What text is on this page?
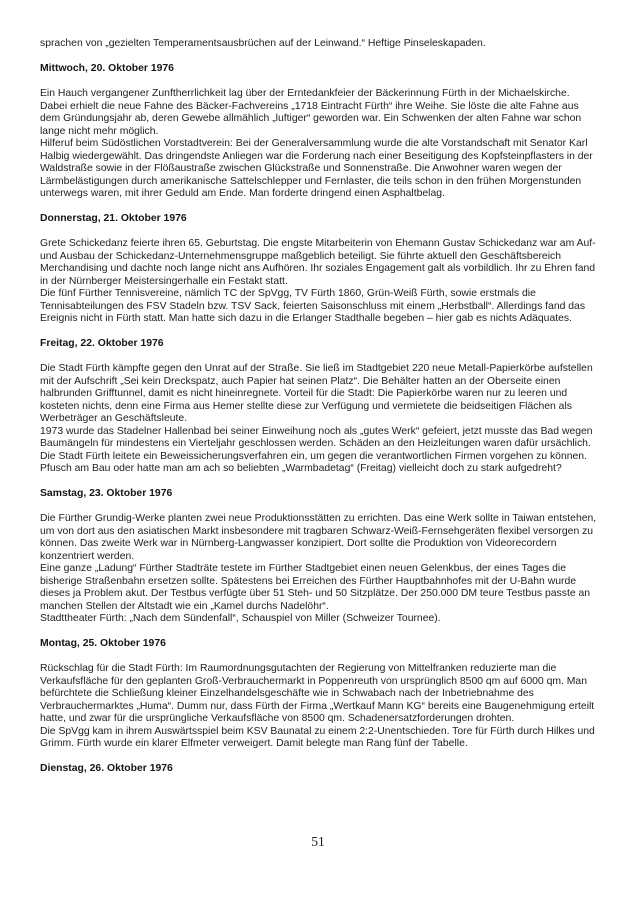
sprachen von „gezielten Temperamentsausbrüchen auf der Leinwand.“ Heftige Pinseleskapaden.

Mittwoch, 20. Oktober 1976

Ein Hauch vergangener Zunftherrlichkeit lag über der Erntedankfeier der Bäckerinnung Fürth in der Michaelskirche. Dabei erhielt die neue Fahne des Bäcker-Fachvereins „1718 Eintracht Fürth“ ihre Weihe. Sie löste die alte Fahne aus dem Gründungsjahr ab, deren Gewebe allmählich „luftiger“ geworden war. Ein Schwenken der alten Fahne war schon lange nicht mehr möglich.

Hilferuf beim Südöstlichen Vorstadtverein: Bei der Generalversammlung wurde die alte Vorstandschaft mit Senator Karl Halbig wiedergewählt. Das dringendste Anliegen war die Forderung nach einer Beseitigung des Kopfsteinpflasters in der Waldstraße sowie in der Flößaustraße zwischen Glückstraße und Sonnenstraße. Die Anwohner waren wegen der Lärmbelästigungen durch amerikanische Sattelschlepper und Fernlaster, die teils schon in den frühen Morgenstunden unterwegs waren, mit ihrer Geduld am Ende. Man forderte dringend einen Asphaltbelag.

Donnerstag, 21. Oktober 1976

Grete Schickedanz feierte ihren 65. Geburtstag. Die engste Mitarbeiterin von Ehemann Gustav Schickedanz war am Auf- und Ausbau der Schickedanz-Unternehmensgruppe maßgeblich beteiligt. Sie führte aktuell den Geschäftsbereich Merchandising und dachte noch lange nicht ans Aufhören. Ihr soziales Engagement galt als vorbildlich. Ihr zu Ehren fand in der Nürnberger Meistersingerhalle ein Festakt statt.

Die fünf Fürther Tennisvereine, nämlich TC der SpVgg, TV Fürth 1860, Grün-Weiß Fürth, sowie erstmals die Tennisabteilungen des FSV Stadeln bzw. TSV Sack, feierten Saisonschluss mit einem „Herbstball“. Allerdings fand das Ereignis nicht in Fürth statt. Man hatte sich dazu in die Erlanger Stadthalle begeben – hier gab es nichts Adäquates.

Freitag, 22. Oktober 1976

Die Stadt Fürth kämpfte gegen den Unrat auf der Straße. Sie ließ im Stadtgebiet 220 neue Metall-Papierkörbe aufstellen mit der Aufschrift „Sei kein Dreckspatz, auch Papier hat seinen Platz“. Die Behälter hatten an der Oberseite einen halbrunden Grifftunnel, damit es nicht hineinregnete. Vorteil für die Stadt: Die Papierkörbe waren nur zu leeren und kosteten nichts, denn eine Firma aus Hemer stellte diese zur Verfügung und vermietete die beidseitigen Flächen als Werbeträger an Geschäftsleute.

1973 wurde das Stadelner Hallenbad bei seiner Einweihung noch als „gutes Werk“ gefeiert, jetzt musste das Bad wegen Baumängeln für mindestens ein Vierteljahr geschlossen werden. Schäden an den Heizleitungen waren dafür ursächlich. Die Stadt Fürth leitete ein Beweissicherungsverfahren ein, um gegen die verantwortlichen Firmen vorgehen zu können. Pfusch am Bau oder hatte man am ach so beliebten „Warmbadetag“ (Freitag) vielleicht doch zu stark aufgedreht?

Samstag, 23. Oktober 1976

Die Fürther Grundig-Werke planten zwei neue Produktionsstätten zu errichten. Das eine Werk sollte in Taiwan entstehen, um von dort aus den asiatischen Markt insbesondere mit tragbaren Schwarz-Weiß-Fernsehgeräten flexibel versorgen zu können. Das zweite Werk war in Nürnberg-Langwasser konzipiert. Dort sollte die Produktion von Videorecordern konzentriert werden.

Eine ganze „Ladung“ Fürther Stadträte testete im Fürther Stadtgebiet einen neuen Gelenkbus, der eines Tages die bisherige Straßenbahn ersetzen sollte. Spätestens bei Erreichen des Fürther Hauptbahnhofes mit der U-Bahn wurde dieses ja Problem akut. Der Testbus verfügte über 51 Steh- und 50 Sitzplätze. Der 250.000 DM teure Testbus passte an manchen Stellen der Altstadt wie ein „Kamel durchs Nadelöhr“.

Stadttheater Fürth: „Nach dem Sündenfall“, Schauspiel von Miller (Schweizer Tournee).

Montag, 25. Oktober 1976

Rückschlag für die Stadt Fürth: Im Raumordnungsgutachten der Regierung von Mittelfranken reduzierte man die Verkaufsfläche für den geplanten Groß-Verbrauchermarkt in Poppenreuth von ursprünglich 8500 qm auf 6000 qm. Man befürchtete die Schließung kleiner Einzelhandelsgeschäfte wie in Schwabach nach der Inbetriebnahme des Verbrauchermarktes „Huma“. Dumm nur, dass Fürth der Firma „Wertkauf Mann KG“ bereits eine Baugenehmigung erteilt hatte, und zwar für die ursprüngliche Verkaufsfläche von 8500 qm. Schadenersatzforderungen drohten.

Die SpVgg kam in ihrem Auswärtsspiel beim KSV Baunatal zu einem 2:2-Unentschieden. Tore für Fürth durch Hilkes und Grimm. Fürth wurde ein klarer Elfmeter verweigert. Damit belegte man Rang fünf der Tabelle.

Dienstag, 26. Oktober 1976
51
